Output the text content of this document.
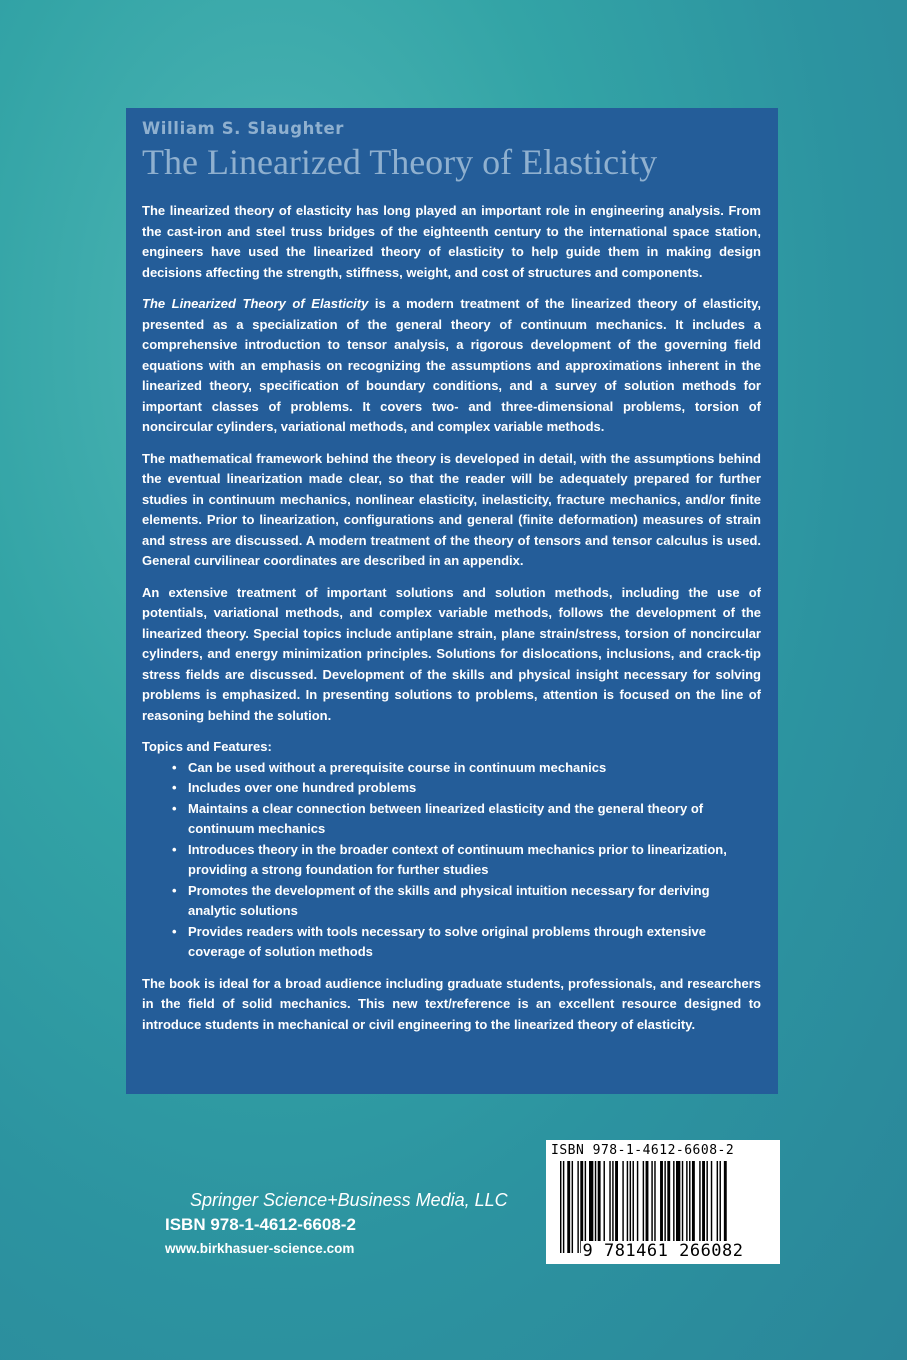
William S. Slaughter
The Linearized Theory of Elasticity

The linearized theory of elasticity has long played an important role in engineering analysis. From the cast-iron and steel truss bridges of the eighteenth century to the international space station, engineers have used the linearized theory of elasticity to help guide them in making design decisions affecting the strength, stiffness, weight, and cost of structures and components.

The Linearized Theory of Elasticity is a modern treatment of the linearized theory of elasticity, presented as a specialization of the general theory of continuum mechanics. It includes a comprehensive introduction to tensor analysis, a rigorous development of the governing field equations with an emphasis on recognizing the assumptions and approximations inherent in the linearized theory, specification of boundary conditions, and a survey of solution methods for important classes of problems. It covers two- and three-dimensional problems, torsion of noncircular cylinders, variational methods, and complex variable methods.

The mathematical framework behind the theory is developed in detail, with the assumptions behind the eventual linearization made clear, so that the reader will be adequately prepared for further studies in continuum mechanics, nonlinear elasticity, inelasticity, fracture mechanics, and/or finite elements. Prior to linearization, configurations and general (finite deformation) measures of strain and stress are discussed. A modern treatment of the theory of tensors and tensor calculus is used. General curvilinear coordinates are described in an appendix.

An extensive treatment of important solutions and solution methods, including the use of potentials, variational methods, and complex variable methods, follows the development of the linearized theory. Special topics include antiplane strain, plane strain/stress, torsion of noncircular cylinders, and energy minimization principles. Solutions for dislocations, inclusions, and crack-tip stress fields are discussed. Development of the skills and physical insight necessary for solving problems is emphasized. In presenting solutions to problems, attention is focused on the line of reasoning behind the solution.

Topics and Features:
• Can be used without a prerequisite course in continuum mechanics
• Includes over one hundred problems
• Maintains a clear connection between linearized elasticity and the general theory of continuum mechanics
• Introduces theory in the broader context of continuum mechanics prior to linearization, providing a strong foundation for further studies
• Promotes the development of the skills and physical intuition necessary for deriving analytic solutions
• Provides readers with tools necessary to solve original problems through extensive coverage of solution methods

The book is ideal for a broad audience including graduate students, professionals, and researchers in the field of solid mechanics. This new text/reference is an excellent resource designed to introduce students in mechanical or civil engineering to the linearized theory of elasticity.

Springer Science+Business Media, LLC
ISBN 978-1-4612-6608-2
www.birkhasuer-science.com
ISBN 978-1-4612-6608-2
9 781461 266082
